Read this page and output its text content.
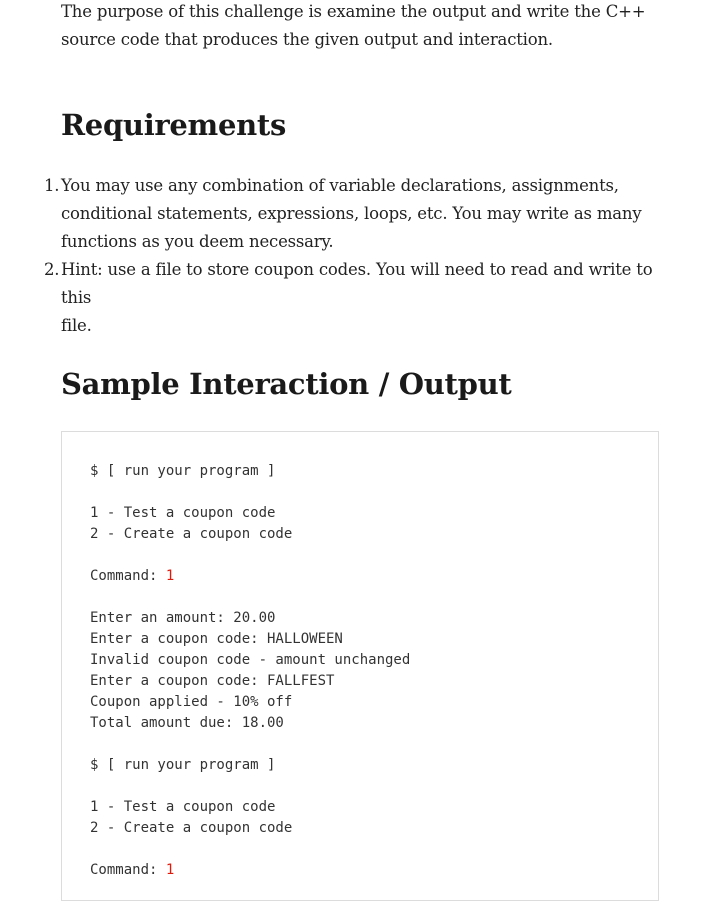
The purpose of this challenge is examine the output and write the C++
source code that produces the given output and interaction.

Requirements
1. You may use any combination of variable declarations, assignments,
conditional statements, expressions, loops, etc. You may write as many
functions as you deem necessary.
2. Hint: use a file to store coupon codes. You will need to read and write to this
file.
Sample Interaction / Output
$ [ run your program ]
1 - Test a coupon code
2 - Create a coupon code
Command: 1
Enter an amount: 20.00
Enter a coupon code: HALLOWEEN
Invalid coupon code - amount unchanged
Enter a coupon code: FALLFEST
Coupon applied - 10% off
Total amount due: 18.00
$ [ run your program ]
1 - Test a coupon code
2 - Create a coupon code
Command: 1
